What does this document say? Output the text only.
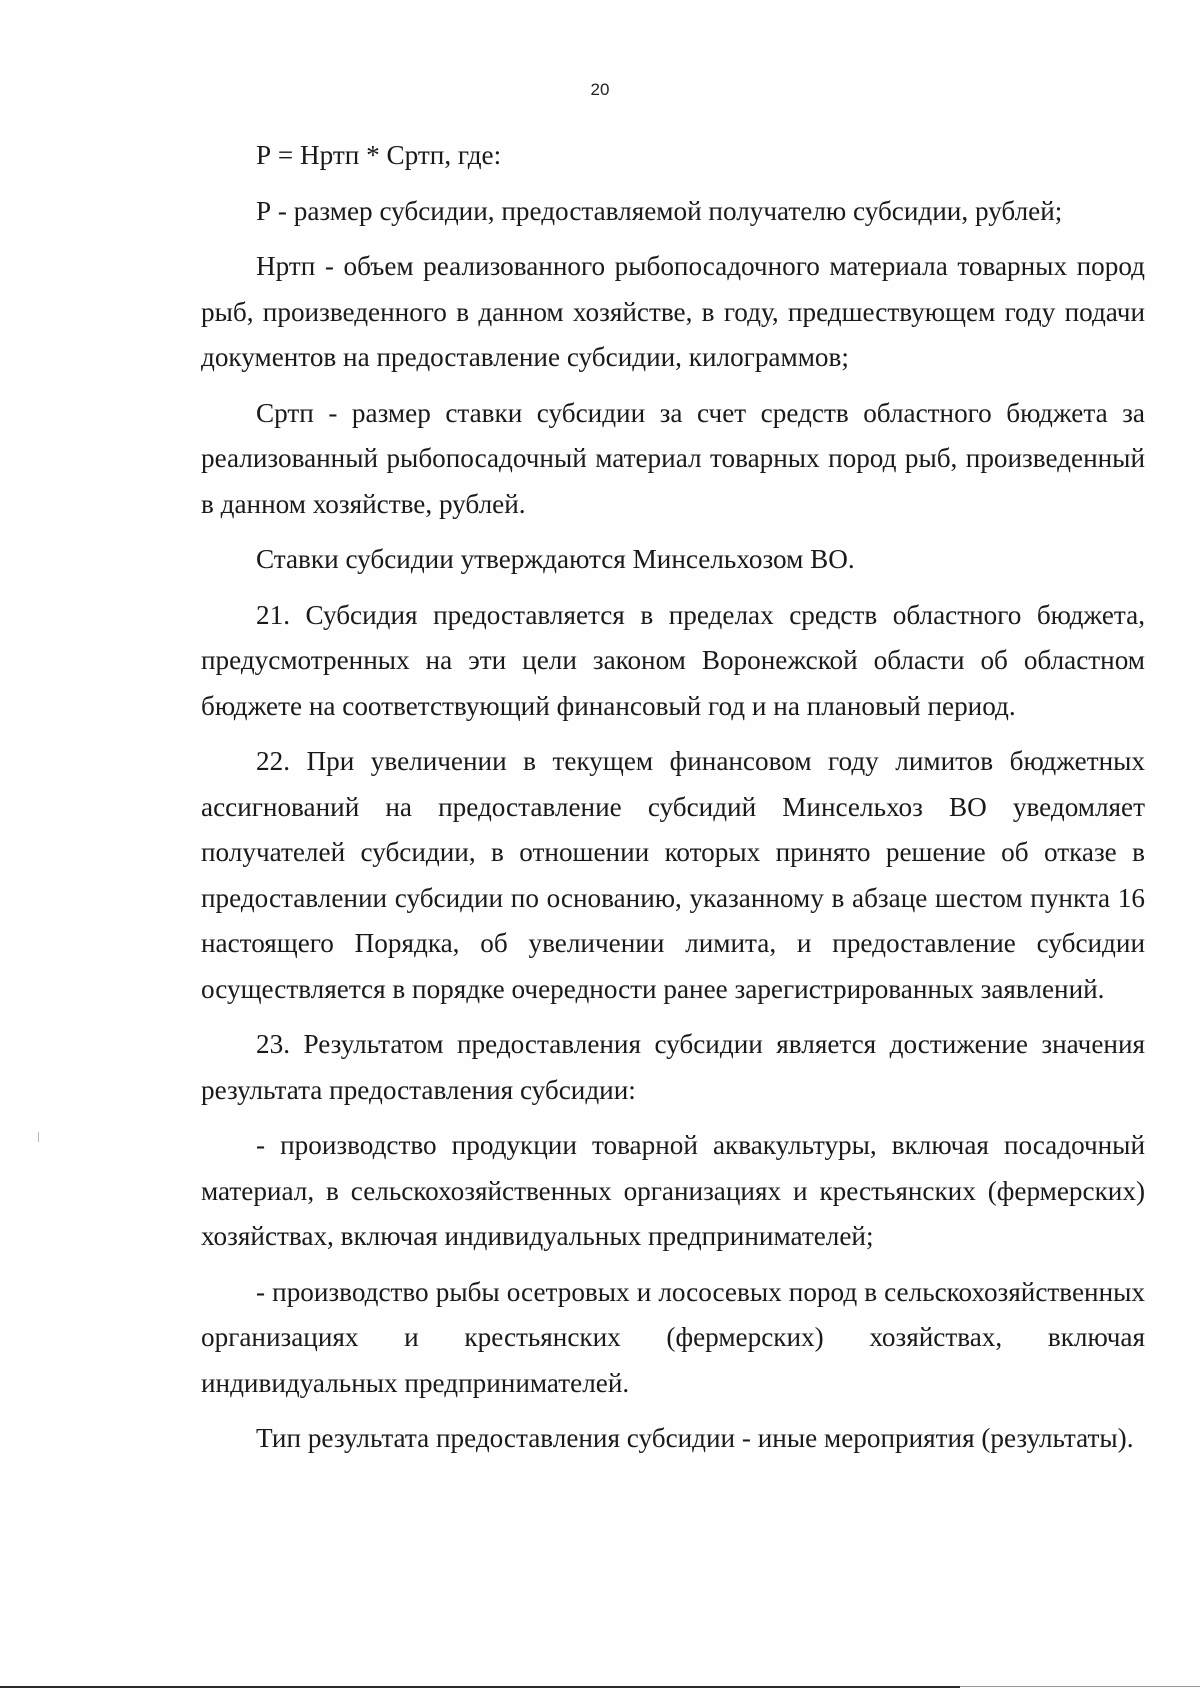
20

Р = Нртп * Сртп, где:

Р - размер субсидии, предоставляемой получателю субсидии, рублей;

Нртп - объем реализованного рыбопосадочного материала товарных пород рыб, произведенного в данном хозяйстве, в году, предшествующем году подачи документов на предоставление субсидии, килограммов;

Сртп - размер ставки субсидии за счет средств областного бюджета за реализованный рыбопосадочный материал товарных пород рыб, произведенный в данном хозяйстве, рублей.

Ставки субсидии утверждаются Минсельхозом ВО.

21. Субсидия предоставляется в пределах средств областного бюджета, предусмотренных на эти цели законом Воронежской области об областном бюджете на соответствующий финансовый год и на плановый период.

22. При увеличении в текущем финансовом году лимитов бюджетных ассигнований на предоставление субсидий Минсельхоз ВО уведомляет получателей субсидии, в отношении которых принято решение об отказе в предоставлении субсидии по основанию, указанному в абзаце шестом пункта 16 настоящего Порядка, об увеличении лимита, и предоставление субсидии осуществляется в порядке очередности ранее зарегистрированных заявлений.

23. Результатом предоставления субсидии является достижение значения результата предоставления субсидии:

- производство продукции товарной аквакультуры, включая посадочный материал, в сельскохозяйственных организациях и крестьянских (фермерских) хозяйствах, включая индивидуальных предпринимателей;

- производство рыбы осетровых и лососевых пород в сельскохозяйственных организациях и крестьянских (фермерских) хозяйствах, включая индивидуальных предпринимателей.

Тип результата предоставления субсидии - иные мероприятия (результаты).
